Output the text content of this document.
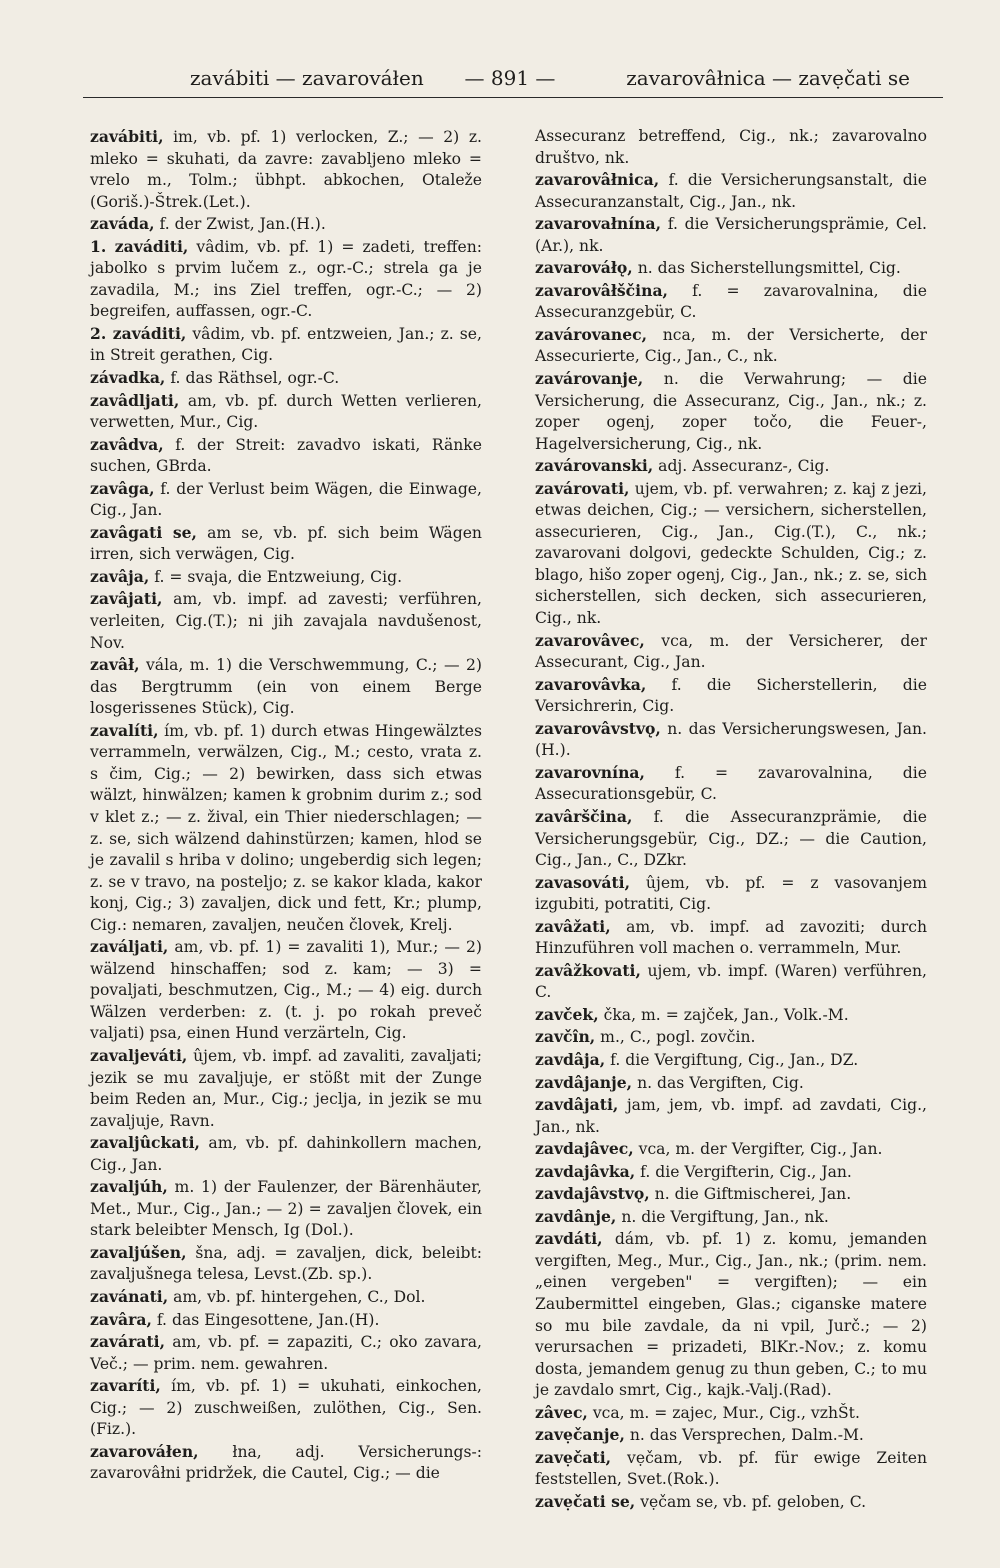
zavábiti — zavarováłen	— 891 —	zavarovâłnica — zavẹčati se

zavábiti, im, vb. pf. 1) verlocken, Z.; — 2) z. mleko = skuhati, da zavre: zavabljeno mleko = vrelo m., Tolm.; übhpt. abkochen, Otaleže (Goriš.)-Štrek.(Let.).

zaváda, f. der Zwist, Jan.(H.).

1. zaváditi, vâdim, vb. pf. 1) = zadeti, treffen: jabolko s prvim lučem z., ogr.-C.; strela ga je zavadila, M.; ins Ziel treffen, ogr.-C.; — 2) begreifen, auffassen, ogr.-C.

2. zaváditi, vâdim, vb. pf. entzweien, Jan.; z. se, in Streit gerathen, Cig.

závadka, f. das Räthsel, ogr.-C.

zavâdljati, am, vb. pf. durch Wetten verlieren, verwetten, Mur., Cig.

zavâdva, f. der Streit: zavadvo iskati, Ränke suchen, GBrda.

zavâga, f. der Verlust beim Wägen, die Einwage, Cig., Jan.

zavâgati se, am se, vb. pf. sich beim Wägen irren, sich verwägen, Cig.

zavâja, f. = svaja, die Entzweiung, Cig.

zavâjati, am, vb. impf. ad zavesti; verführen, verleiten, Cig.(T.); ni jih zavajala navdušenost, Nov.

zavâł, vála, m. 1) die Verschwemmung, C.; — 2) das Bergtrumm (ein von einem Berge losgerissenes Stück), Cig.

zavalíti, ím, vb. pf. 1) durch etwas Hingewälztes verrammeln, verwälzen, Cig., M.; cesto, vrata z. s čim, Cig.; — 2) bewirken, dass sich etwas wälzt, hinwälzen; kamen k grobnim durim z.; sod v klet z.; — z. žival, ein Thier niederschlagen; — z. se, sich wälzend dahinstürzen; kamen, hlod se je zavalil s hriba v dolino; ungeberdig sich legen; z. se v travo, na posteljo; z. se kakor klada, kakor konj, Cig.; 3) zavaljen, dick und fett, Kr.; plump, Cig.: nemaren, zavaljen, neučen človek, Krelj.

zaváljati, am, vb. pf. 1) = zavaliti 1), Mur.; — 2) wälzend hinschaffen; sod z. kam; — 3) = povaljati, beschmutzen, Cig., M.; — 4) eig. durch Wälzen verderben: z. (t. j. po rokah preveč valjati) psa, einen Hund verzärteln, Cig.

zavaljeváti, ûjem, vb. impf. ad zavaliti, zavaljati; jezik se mu zavaljuje, er stößt mit der Zunge beim Reden an, Mur., Cig.; jeclja, in jezik se mu zavaljuje, Ravn.

zavaljûckati, am, vb. pf. dahinkollern machen, Cig., Jan.

zavaljúh, m. 1) der Faulenzer, der Bärenhäuter, Met., Mur., Cig., Jan.; — 2) = zavaljen človek, ein stark beleibter Mensch, Ig (Dol.).

zavaljúšen, šna, adj. = zavaljen, dick, beleibt: zavaljušnega telesa, Levst.(Zb. sp.).

zavánati, am, vb. pf. hintergehen, C., Dol.

zavâra, f. das Eingesottene, Jan.(H).

zavárati, am, vb. pf. = zapaziti, C.; oko zavara, Več.; — prim. nem. gewahren.

zavaríti, ím, vb. pf. 1) = ukuhati, einkochen, Cig.; — 2) zuschweißen, zulöthen, Cig., Sen. (Fiz.).

zavarováłen, łna, adj. Versicherungs-: zavarovâłni pridržek, die Cautel, Cig.; — die

Assecuranz betreffend, Cig., nk.; zavarovalno društvo, nk.

zavarovâłnica, f. die Versicherungsanstalt, die Assecuranzanstalt, Cig., Jan., nk.

zavarovałnína, f. die Versicherungsprämie, Cel. (Ar.), nk.

zavarováłǫ, n. das Sicherstellungsmittel, Cig.

zavarovâłščina, f. = zavarovalnina, die Assecuranzgebür, C.

zavárovanec, nca, m. der Versicherte, der Assecurierte, Cig., Jan., C., nk.

zavárovanje, n. die Verwahrung; — die Versicherung, die Assecuranz, Cig., Jan., nk.; z. zoper ogenj, zoper točo, die Feuer-, Hagelversicherung, Cig., nk.

zavárovanski, adj. Assecuranz-, Cig.

zavárovati, ujem, vb. pf. verwahren; z. kaj z jezi, etwas deichen, Cig.; — versichern, sicherstellen, assecurieren, Cig., Jan., Cig.(T.), C., nk.; zavarovani dolgovi, gedeckte Schulden, Cig.; z. blago, hišo zoper ogenj, Cig., Jan., nk.; z. se, sich sicherstellen, sich decken, sich assecurieren, Cig., nk.

zavarovâvec, vca, m. der Versicherer, der Assecurant, Cig., Jan.

zavarovâvka, f. die Sicherstellerin, die Versichrerin, Cig.

zavarovâvstvǫ, n. das Versicherungswesen, Jan.(H.).

zavarovnína, f. = zavarovalnina, die Assecurationsgebür, C.

zavârščina, f. die Assecuranzprämie, die Versicherungsgebür, Cig., DZ.; — die Caution, Cig., Jan., C., DZkr.

zavasováti, ûjem, vb. pf. = z vasovanjem izgubiti, potratiti, Cig.

zavâžati, am, vb. impf. ad zavoziti; durch Hinzuführen voll machen o. verrammeln, Mur.

zavâžkovati, ujem, vb. impf. (Waren) verführen, C.

zavček, čka, m. = zajček, Jan., Volk.-M.

zavčîn, m., C., pogl. zovčin.

zavdâja, f. die Vergiftung, Cig., Jan., DZ.

zavdâjanje, n. das Vergiften, Cig.

zavdâjati, jam, jem, vb. impf. ad zavdati, Cig., Jan., nk.

zavdajâvec, vca, m. der Vergifter, Cig., Jan.

zavdajâvka, f. die Vergifterin, Cig., Jan.

zavdajâvstvǫ, n. die Giftmischerei, Jan.

zavdânje, n. die Vergiftung, Jan., nk.

zavdáti, dám, vb. pf. 1) z. komu, jemanden vergiften, Meg., Mur., Cig., Jan., nk.; (prim. nem. „einen vergeben" = vergiften); — ein Zaubermittel eingeben, Glas.; ciganske matere so mu bile zavdale, da ni vpil, Jurč.; — 2) verursachen = prizadeti, BlKr.-Nov.; z. komu dosta, jemandem genug zu thun geben, C.; to mu je zavdalo smrt, Cig., kajk.-Valj.(Rad).

zâvec, vca, m. = zajec, Mur., Cig., vzhŠt.

zavẹčanje, n. das Versprechen, Dalm.-M.

zavẹčati, vẹčam, vb. pf. für ewige Zeiten feststellen, Svet.(Rok.).

zavẹčati se, vẹčam se, vb. pf. geloben, C.
